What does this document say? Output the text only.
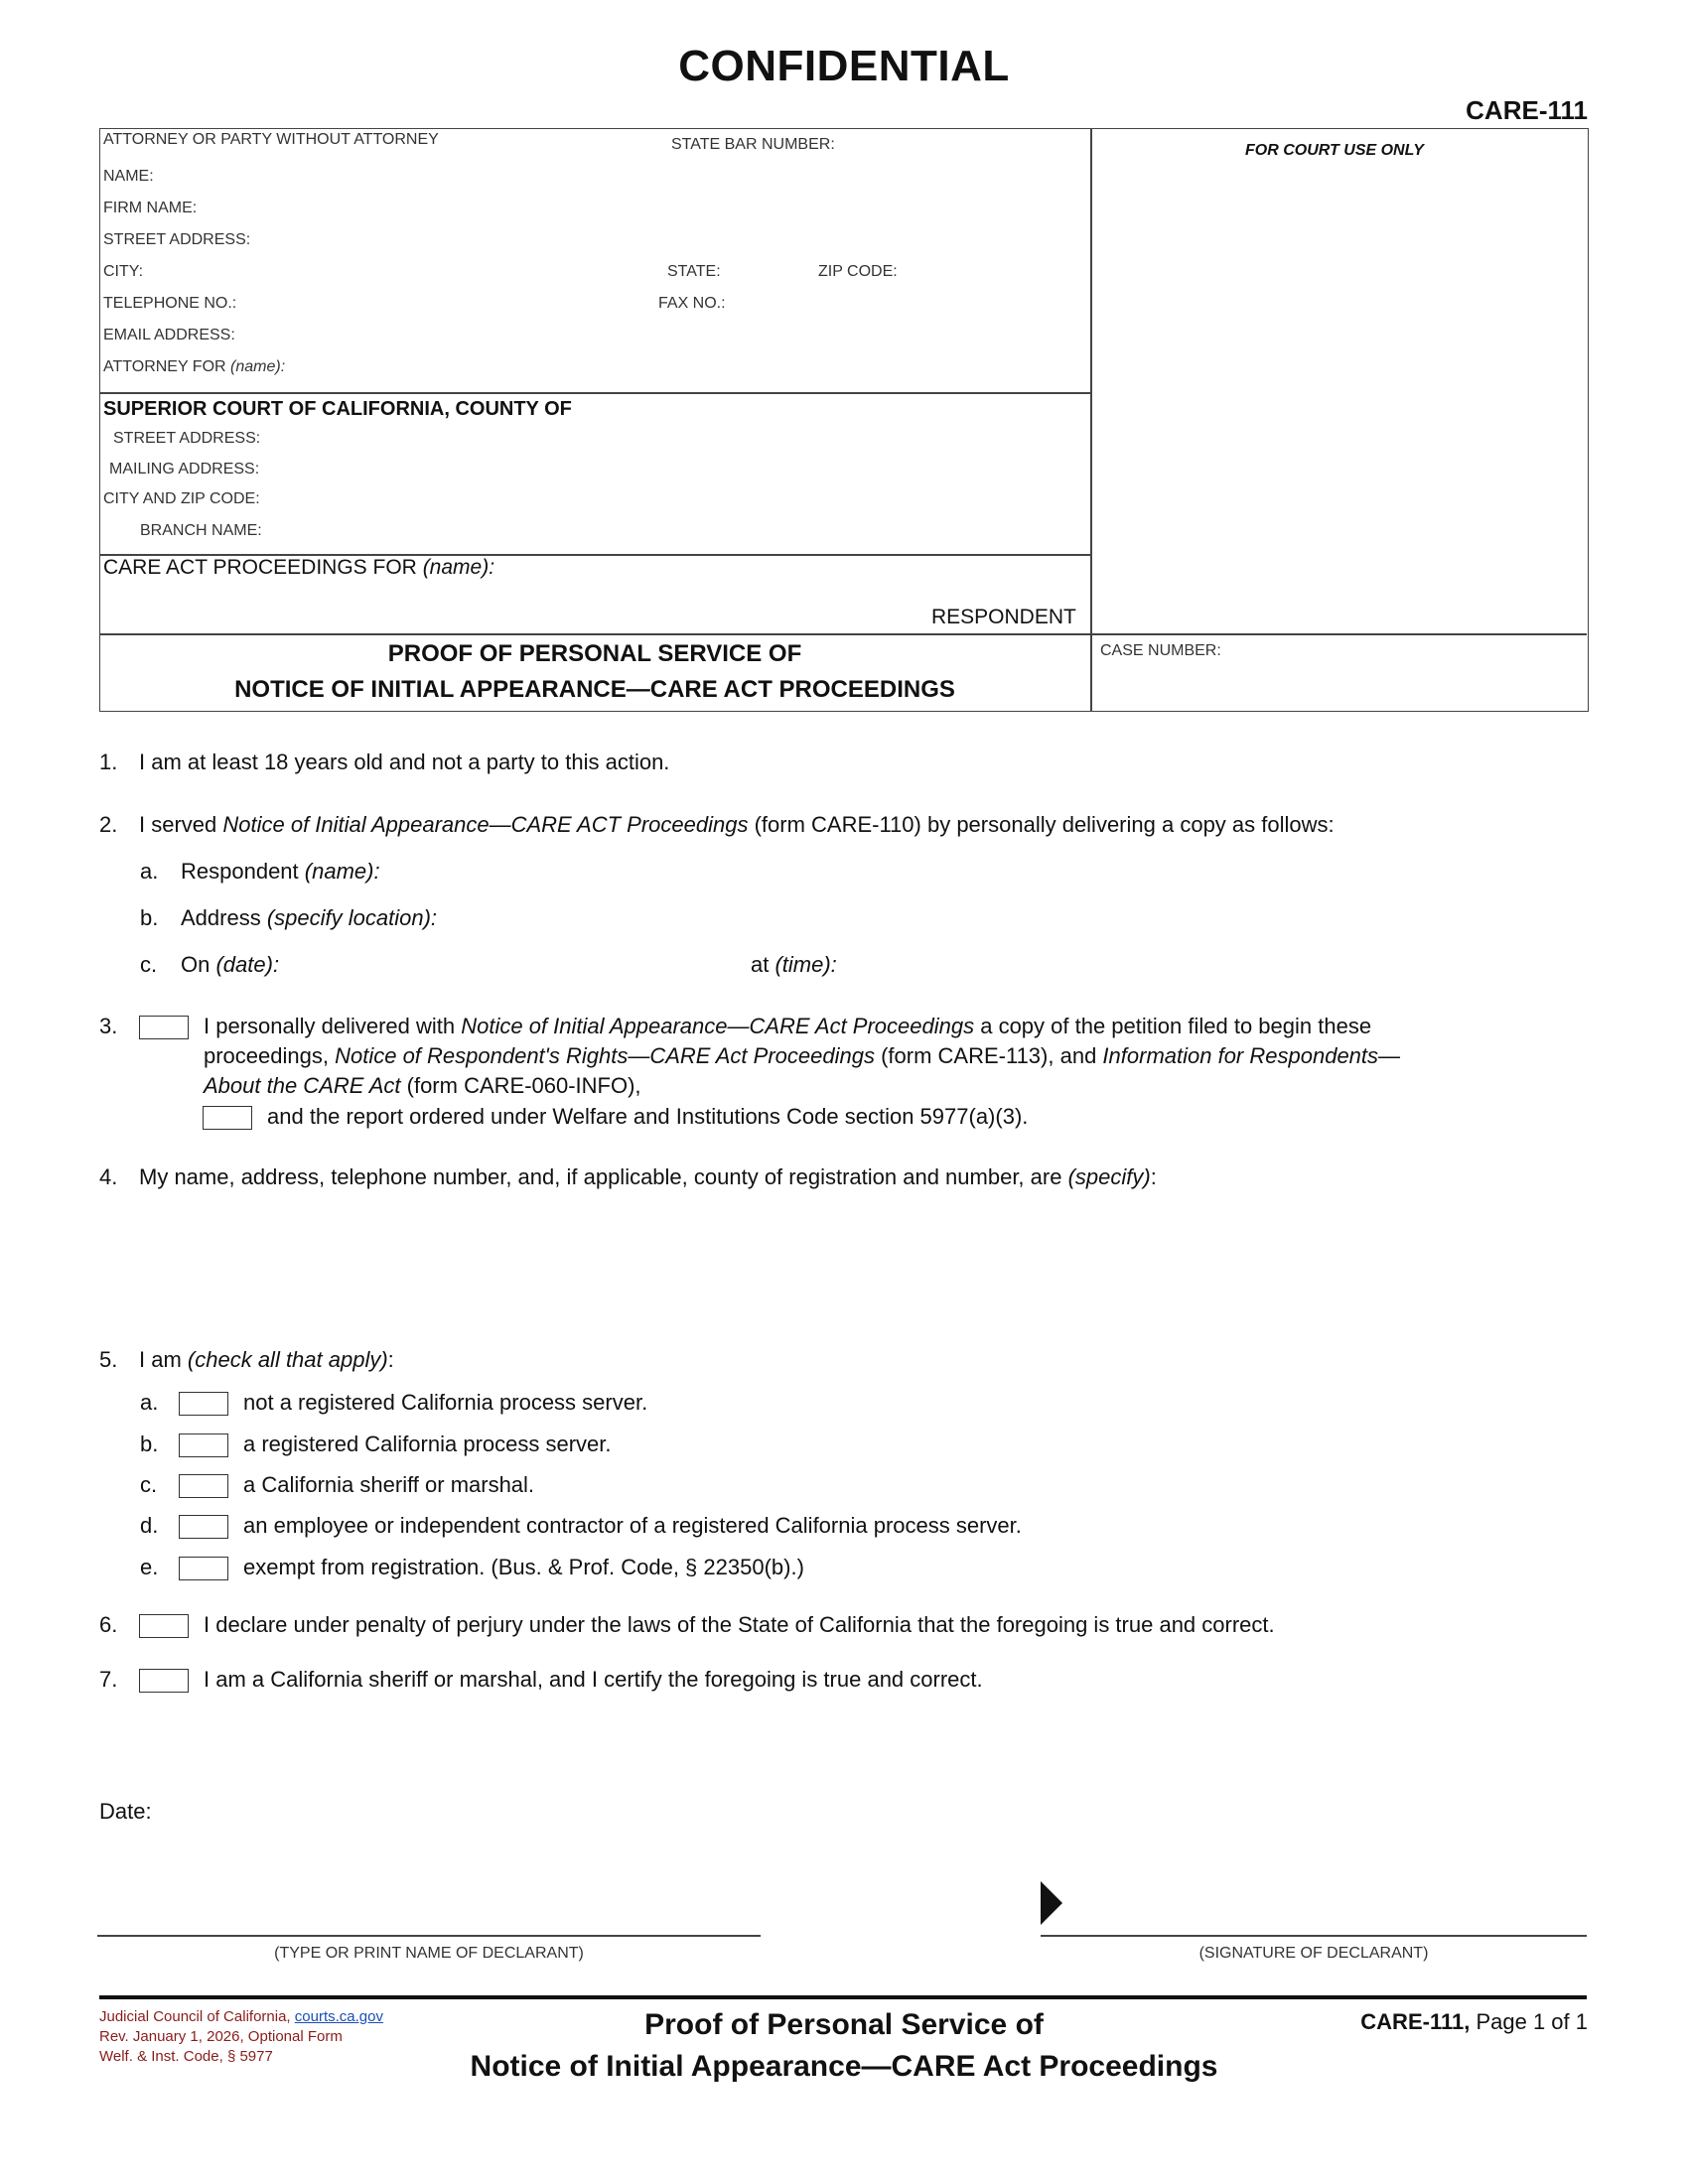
CONFIDENTIAL
CARE-111
ATTORNEY OR PARTY WITHOUT ATTORNEY	STATE BAR NUMBER:
NAME:
FIRM NAME:
STREET ADDRESS:
CITY:	STATE:	ZIP CODE:
TELEPHONE NO.:	FAX NO.:
EMAIL ADDRESS:
ATTORNEY FOR (name):
FOR COURT USE ONLY
SUPERIOR COURT OF CALIFORNIA, COUNTY OF
STREET ADDRESS:
MAILING ADDRESS:
CITY AND ZIP CODE:
BRANCH NAME:
CARE ACT PROCEEDINGS FOR (name):
RESPONDENT
PROOF OF PERSONAL SERVICE OF
NOTICE OF INITIAL APPEARANCE—CARE ACT PROCEEDINGS
CASE NUMBER:
1. I am at least 18 years old and not a party to this action.
2. I served Notice of Initial Appearance—CARE ACT Proceedings (form CARE-110) by personally delivering a copy as follows:
a. Respondent (name):
b. Address (specify location):
c. On (date):	at (time):
3.	I personally delivered with Notice of Initial Appearance—CARE Act Proceedings a copy of the petition filed to begin these
proceedings, Notice of Respondent's Rights—CARE Act Proceedings (form CARE-113), and Information for Respondents—
About the CARE Act (form CARE-060-INFO),
and the report ordered under Welfare and Institutions Code section 5977(a)(3).
4. My name, address, telephone number, and, if applicable, county of registration and number, are (specify):
5. I am (check all that apply):
a.	not a registered California process server.
b.	a registered California process server.
c.	a California sheriff or marshal.
d.	an employee or independent contractor of a registered California process server.
e.	exempt from registration. (Bus. & Prof. Code, § 22350(b).)
6.	I declare under penalty of perjury under the laws of the State of California that the foregoing is true and correct.
7.	I am a California sheriff or marshal, and I certify the foregoing is true and correct.
Date:
(TYPE OR PRINT NAME OF DECLARANT)	(SIGNATURE OF DECLARANT)
Judicial Council of California, courts.ca.gov
Rev. January 1, 2026, Optional Form
Welf. & Inst. Code, § 5977
Proof of Personal Service of
Notice of Initial Appearance—CARE Act Proceedings
CARE-111, Page 1 of 1
